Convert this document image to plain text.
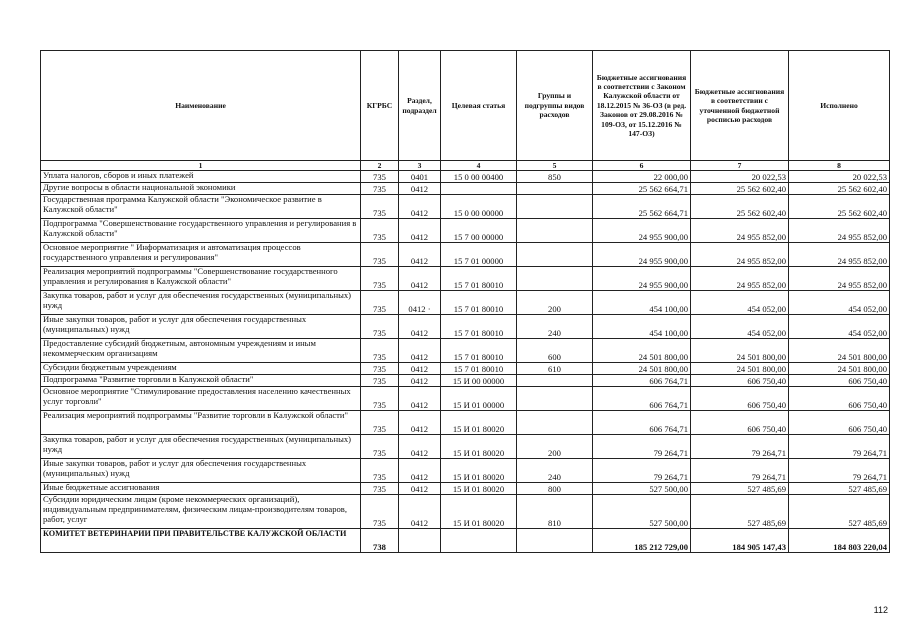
Наименование	КГРБС	Раздел, подраздел	Целевая статья	Группы и подгруппы видов расходов	Бюджетные ассигнования в соответствии с Законом Калужской области от 18.12.2015 № 36-ОЗ (в ред. Законов от 29.08.2016 № 109-ОЗ, от 15.12.2016 № 147-ОЗ)	Бюджетные ассигнования в соответствии с уточненной бюджетной росписью расходов	Исполнено
1	2	3	4	5	6	7	8
Уплата налогов, сборов и иных платежей	735	0401	15 0 00 00400	850	22 000,00	20 022,53	20 022,53
Другие вопросы в области национальной экономики	735	0412			25 562 664,71	25 562 602,40	25 562 602,40
Государственная программа Калужской области "Экономическое развитие в Калужской области"	735	0412	15 0 00 00000		25 562 664,71	25 562 602,40	25 562 602,40
Подпрограмма "Совершенствование государственного управления и регулирования в Калужской области"	735	0412	15 7 00 00000		24 955 900,00	24 955 852,00	24 955 852,00
Основное мероприятие " Информатизация и автоматизация процессов государственного управления и регулирования"	735	0412	15 7 01 00000		24 955 900,00	24 955 852,00	24 955 852,00
Реализация мероприятий подпрограммы "Совершенствование государственного управления и регулирования в Калужской области"	735	0412	15 7 01 80010		24 955 900,00	24 955 852,00	24 955 852,00
Закупка товаров, работ и услуг для обеспечения государственных (муниципальных) нужд	735	0412 ·	15 7 01 80010	200	454 100,00	454 052,00	454 052,00
Иные закупки товаров, работ и услуг для обеспечения государственных (муниципальных) нужд	735	0412	15 7 01 80010	240	454 100,00	454 052,00	454 052,00
Предоставление субсидий бюджетным, автономным учреждениям и иным некоммерческим организациям	735	0412	15 7 01 80010	600	24 501 800,00	24 501 800,00	24 501 800,00
Субсидии бюджетным учреждениям	735	0412	15 7 01 80010	610	24 501 800,00	24 501 800,00	24 501 800,00
Подпрограмма "Развитие торговли в Калужской области"	735	0412	15 И 00 00000		606 764,71	606 750,40	606 750,40
Основное мероприятие "Стимулирование предоставления населению качественных услуг торговли"	735	0412	15 И 01 00000		606 764,71	606 750,40	606 750,40
Реализация мероприятий подпрограммы "Развитие торговли в Калужской области"	735	0412	15 И 01 80020		606 764,71	606 750,40	606 750,40
Закупка товаров, работ и услуг для обеспечения государственных (муниципальных) нужд	735	0412	15 И 01 80020	200	79 264,71	79 264,71	79 264,71
Иные закупки товаров, работ и услуг для обеспечения государственных (муниципальных) нужд	735	0412	15 И 01 80020	240	79 264,71	79 264,71	79 264,71
Иные бюджетные ассигнования	735	0412	15 И 01 80020	800	527 500,00	527 485,69	527 485,69
Субсидии юридическим лицам (кроме некоммерческих организаций), индивидуальным предпринимателям, физическим лицам-производителям товаров, работ, услуг	735	0412	15 И 01 80020	810	527 500,00	527 485,69	527 485,69
КОМИТЕТ ВЕТЕРИНАРИИ ПРИ ПРАВИТЕЛЬСТВЕ КАЛУЖСКОЙ ОБЛАСТИ	738				185 212 729,00	184 905 147,43	184 803 220,04
112
